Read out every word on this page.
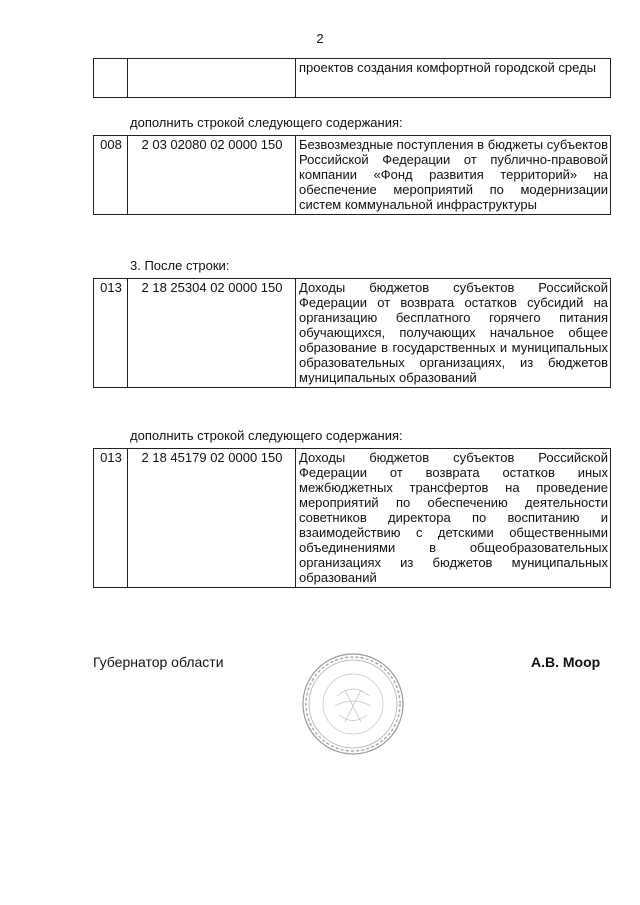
2
		проектов создания комфортной городской среды
дополнить строкой следующего содержания:
008	2 03 02080 02 0000 150	Безвозмездные поступления в бюджеты субъектов Российской Федерации от публично-правовой компании «Фонд развития территорий» на обеспечение мероприятий по модернизации систем коммунальной инфраструктуры
3. После строки:
013	2 18 25304 02 0000 150	Доходы бюджетов субъектов Российской Федерации от возврата остатков субсидий на организацию бесплатного горячего питания обучающихся, получающих начальное общее образование в государственных и муниципальных образовательных организациях, из бюджетов муниципальных образований
дополнить строкой следующего содержания:
013	2 18 45179 02 0000 150	Доходы бюджетов субъектов Российской Федерации от возврата остатков иных межбюджетных трансфертов на проведение мероприятий по обеспечению деятельности советников директора по воспитанию и взаимодействию с детскими общественными объединениями в общеобразовательных организациях из бюджетов муниципальных образований
Губернатор области	А.В. Моор
